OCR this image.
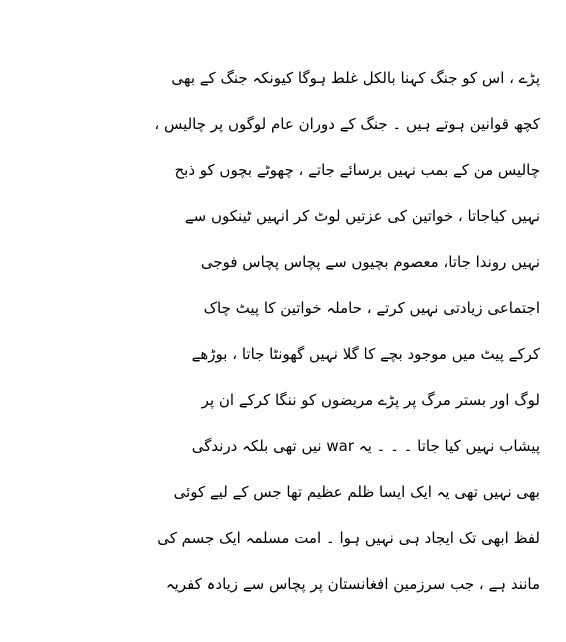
پڑے ، اس کو جنگ کہنا بالکل غلط ہوگا کیونکہ جنگ کے بھی
کچھ قوانین ہوتے ہیں ۔ جنگ کے دوران عام لوگوں پر چالیس ،
چالیس من کے بمب نہیں برسائے جاتے ، چھوٹے بچوں کو ذبح
نہیں کیاجاتا ، خواتین کی عزتیں لوٹ کر انہیں ٹینکوں سے
نہیں روندا جاتا، معصوم بچیوں سے پچاس پچاس فوجی
اجتماعی زیادتی نہیں کرتے ، حاملہ خواتین کا پیٹ چاک
کرکے پیٹ میں موجود بچے کا گلا نہیں گھونٹا جاتا ، بوڑھے
لوگ اور بستر مرگ پر پڑے مریضوں کو ننگا کرکے ان پر
پیشاب نہیں کیا جاتا ۔ ۔ ۔ یہ war نیں تھی بلکہ درندگی
بھی نہیں تھی یہ ایک ایسا ظلم عظیم تھا جس کے لیے کوئی
لفظ ابھی تک ایجاد ہی نہیں ہوا ۔ امت مسلمہ ایک جسم کی
مانند ہے ، جب سرزمین افغانستان پر پچاس سے زیادہ کفریہ
